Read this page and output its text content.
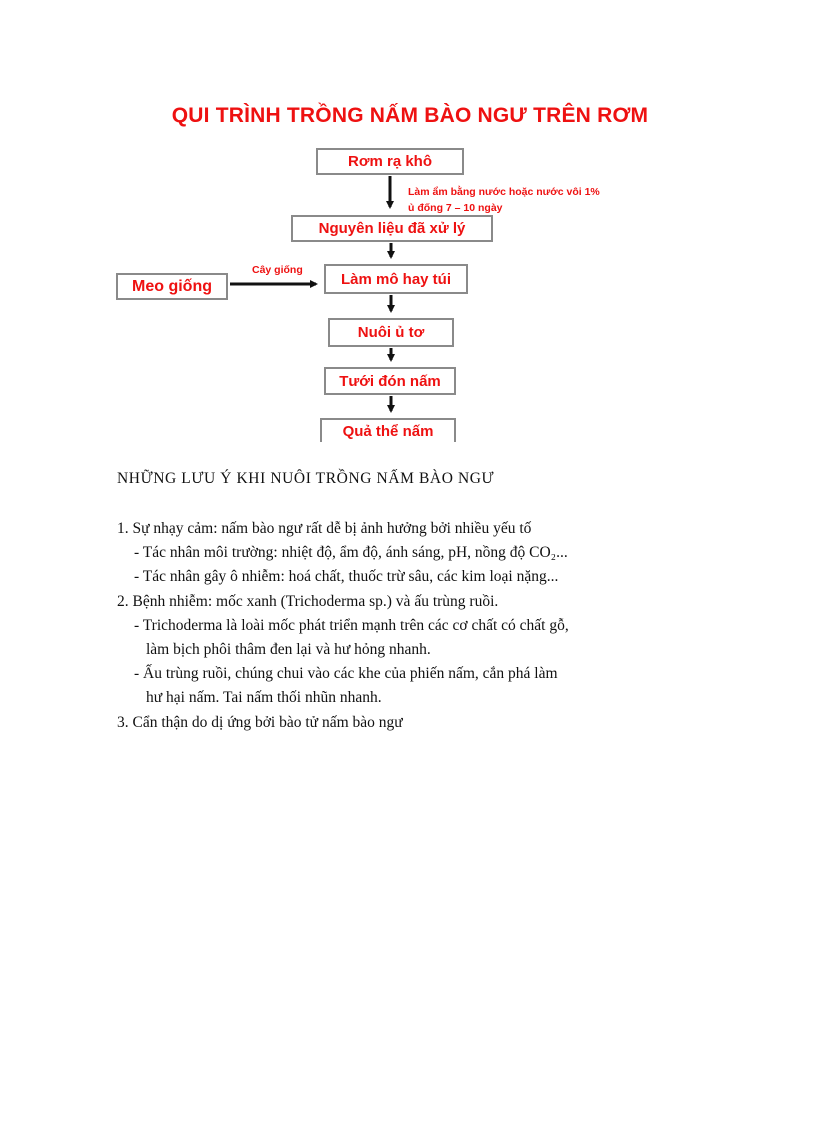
QUI TRÌNH TRỒNG NẤM BÀO NGƯ TRÊN RƠM
Rơm rạ khô
Làm ẩm bằng nước hoặc nước vôi 1%
ủ đống 7 – 10 ngày
Nguyên liệu đã xử lý
Làm mô hay túi
Cây giống
Meo giống
Nuôi ủ tơ
Tưới đón nấm
Quả thể nấm
NHỮNG LƯU Ý KHI NUÔI TRỒNG NẤM BÀO NGƯ
1. Sự nhạy cảm: nấm bào ngư rất dễ bị ảnh hưởng bởi nhiều yếu tố
- Tác nhân môi trường: nhiệt độ, ẩm độ, ánh sáng, pH, nồng độ CO₂...
- Tác nhân gây ô nhiễm: hoá chất, thuốc trừ sâu, các kim loại nặng...
2. Bệnh nhiễm: mốc xanh (Trichoderma sp.) và ấu trùng ruồi.
- Trichoderma là loài mốc phát triển mạnh trên các cơ chất có chất gỗ,
làm bịch phôi thâm đen lại và hư hỏng nhanh.
- Ấu trùng ruồi, chúng chui vào các khe của phiến nấm, cắn phá làm
hư hại nấm. Tai nấm thối nhũn nhanh.
3. Cẩn thận do dị ứng bởi bào tử nấm bào ngư
